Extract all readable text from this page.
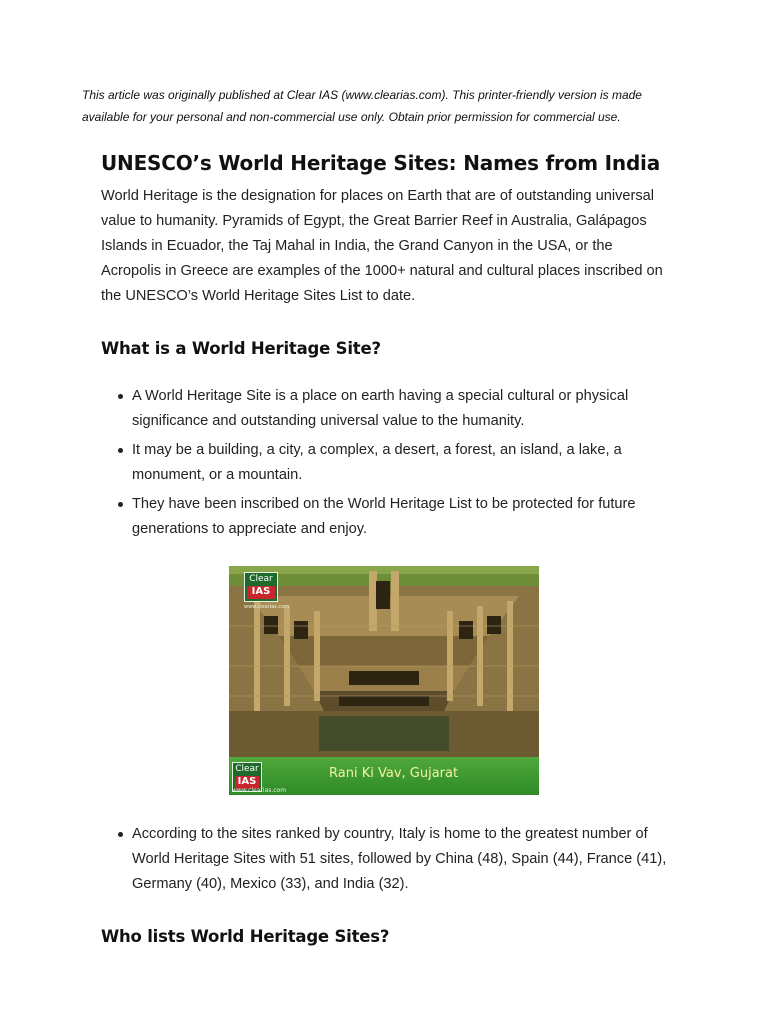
This article was originally published at Clear IAS (www.clearias.com). This printer-friendly version is made available for your personal and non-commercial use only. Obtain prior permission for commercial use.

UNESCO’s World Heritage Sites: Names from India

World Heritage is the designation for places on Earth that are of outstanding universal value to humanity. Pyramids of Egypt, the Great Barrier Reef in Australia, Galápagos Islands in Ecuador, the Taj Mahal in India, the Grand Canyon in the USA, or the Acropolis in Greece are examples of the 1000+ natural and cultural places inscribed on the UNESCO’s World Heritage Sites List to date.

What is a World Heritage Site?
A World Heritage Site is a place on earth having a special cultural or physical significance and outstanding universal value to the humanity.
It may be a building, a city, a complex, a desert, a forest, an island, a lake, a monument, or a mountain.
They have been inscribed on the World Heritage List to be protected for future generations to appreciate and enjoy.
Clear
IAS
www.clearias.com
Rani Ki Vav, Gujarat
Clear
IAS
www.clearias.com
According to the sites ranked by country, Italy is home to the greatest number of World Heritage Sites with 51 sites, followed by China (48), Spain (44), France (41), Germany (40), Mexico (33), and India (32).
Who lists World Heritage Sites?
